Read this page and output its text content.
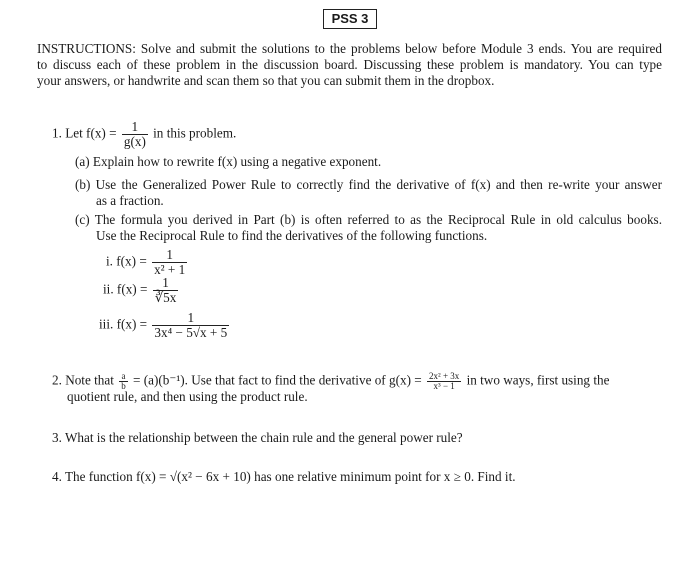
PSS 3
INSTRUCTIONS: Solve and submit the solutions to the problems below before Module 3 ends. You are required
to discuss each of these problem in the discussion board. Discussing these problem is mandatory. You can type
your answers, or handwrite and scan them so that you can submit them in the dropbox.
1. Let $f(x) = \frac{1}{g(x)}$ in this problem.
(a) Explain how to rewrite f(x) using a negative exponent.
(b) Use the Generalized Power Rule to correctly find the derivative of f(x) and then re-write your answer
as a fraction.
(c) The formula you derived in Part (b) is often referred to as the Reciprocal Rule in old calculus books.
Use the Reciprocal Rule to find the derivatives of the following functions.
i. $f(x) = \frac{1}{\text{x² + 1}}$
ii. $f(x) = \frac{1}{∛5x}$
iii. $f(x) = \frac{1}{\text{3x⁴ − 5√x + 5}}$
2. Note that $\frac{a}{b} = (a)(b^{-1})$. Use that fact to find the derivative of $g(x) = \frac{\text{2x² + 3x}}{\text{x³ − 1}}$ in two ways, first using the
quotient rule, and then using the product rule.
3. What is the relationship between the chain rule and the general power rule?
4. The function f(x) = √(x² − 6x + 10) has one relative minimum point for x ≥ 0. Find it.
